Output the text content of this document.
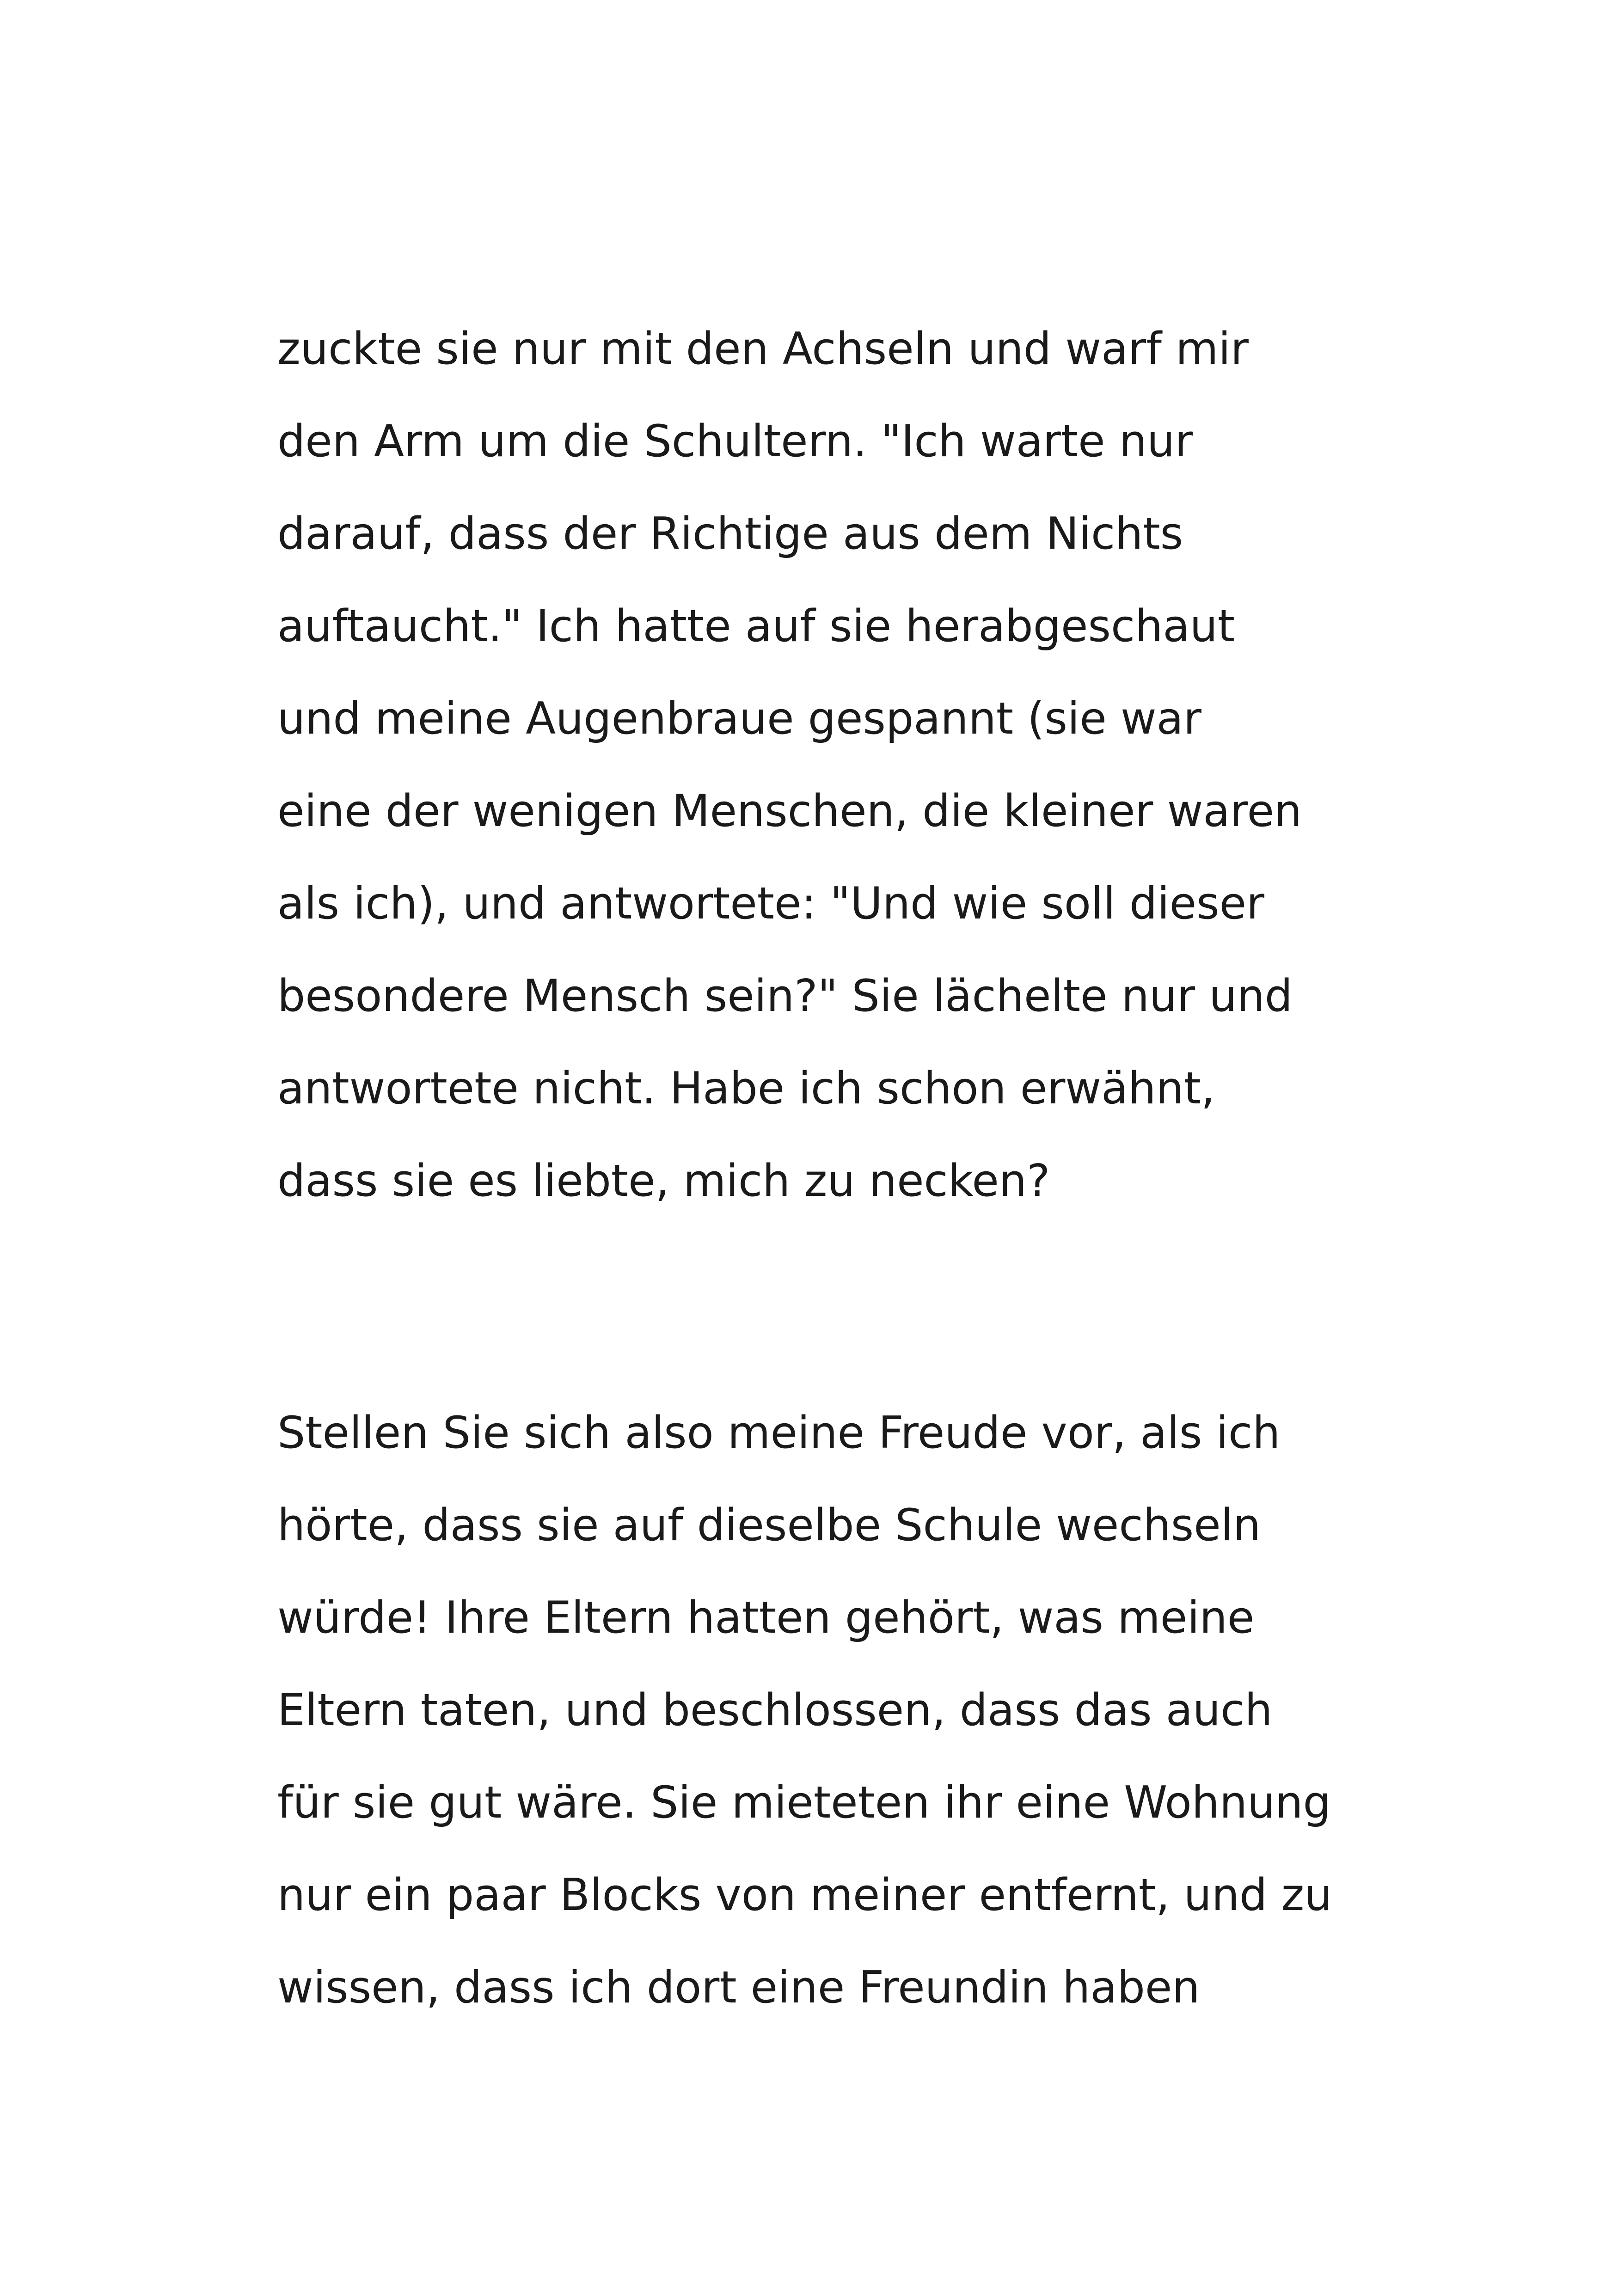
zuckte sie nur mit den Achseln und warf mir
den Arm um die Schultern. "Ich warte nur
darauf, dass der Richtige aus dem Nichts
auftaucht." Ich hatte auf sie herabgeschaut
und meine Augenbraue gespannt (sie war
eine der wenigen Menschen, die kleiner waren
als ich), und antwortete: "Und wie soll dieser
besondere Mensch sein?" Sie lächelte nur und
antwortete nicht. Habe ich schon erwähnt,
dass sie es liebte, mich zu necken?

Stellen Sie sich also meine Freude vor, als ich
hörte, dass sie auf dieselbe Schule wechseln
würde! Ihre Eltern hatten gehört, was meine
Eltern taten, und beschlossen, dass das auch
für sie gut wäre. Sie mieteten ihr eine Wohnung
nur ein paar Blocks von meiner entfernt, und zu
wissen, dass ich dort eine Freundin haben
